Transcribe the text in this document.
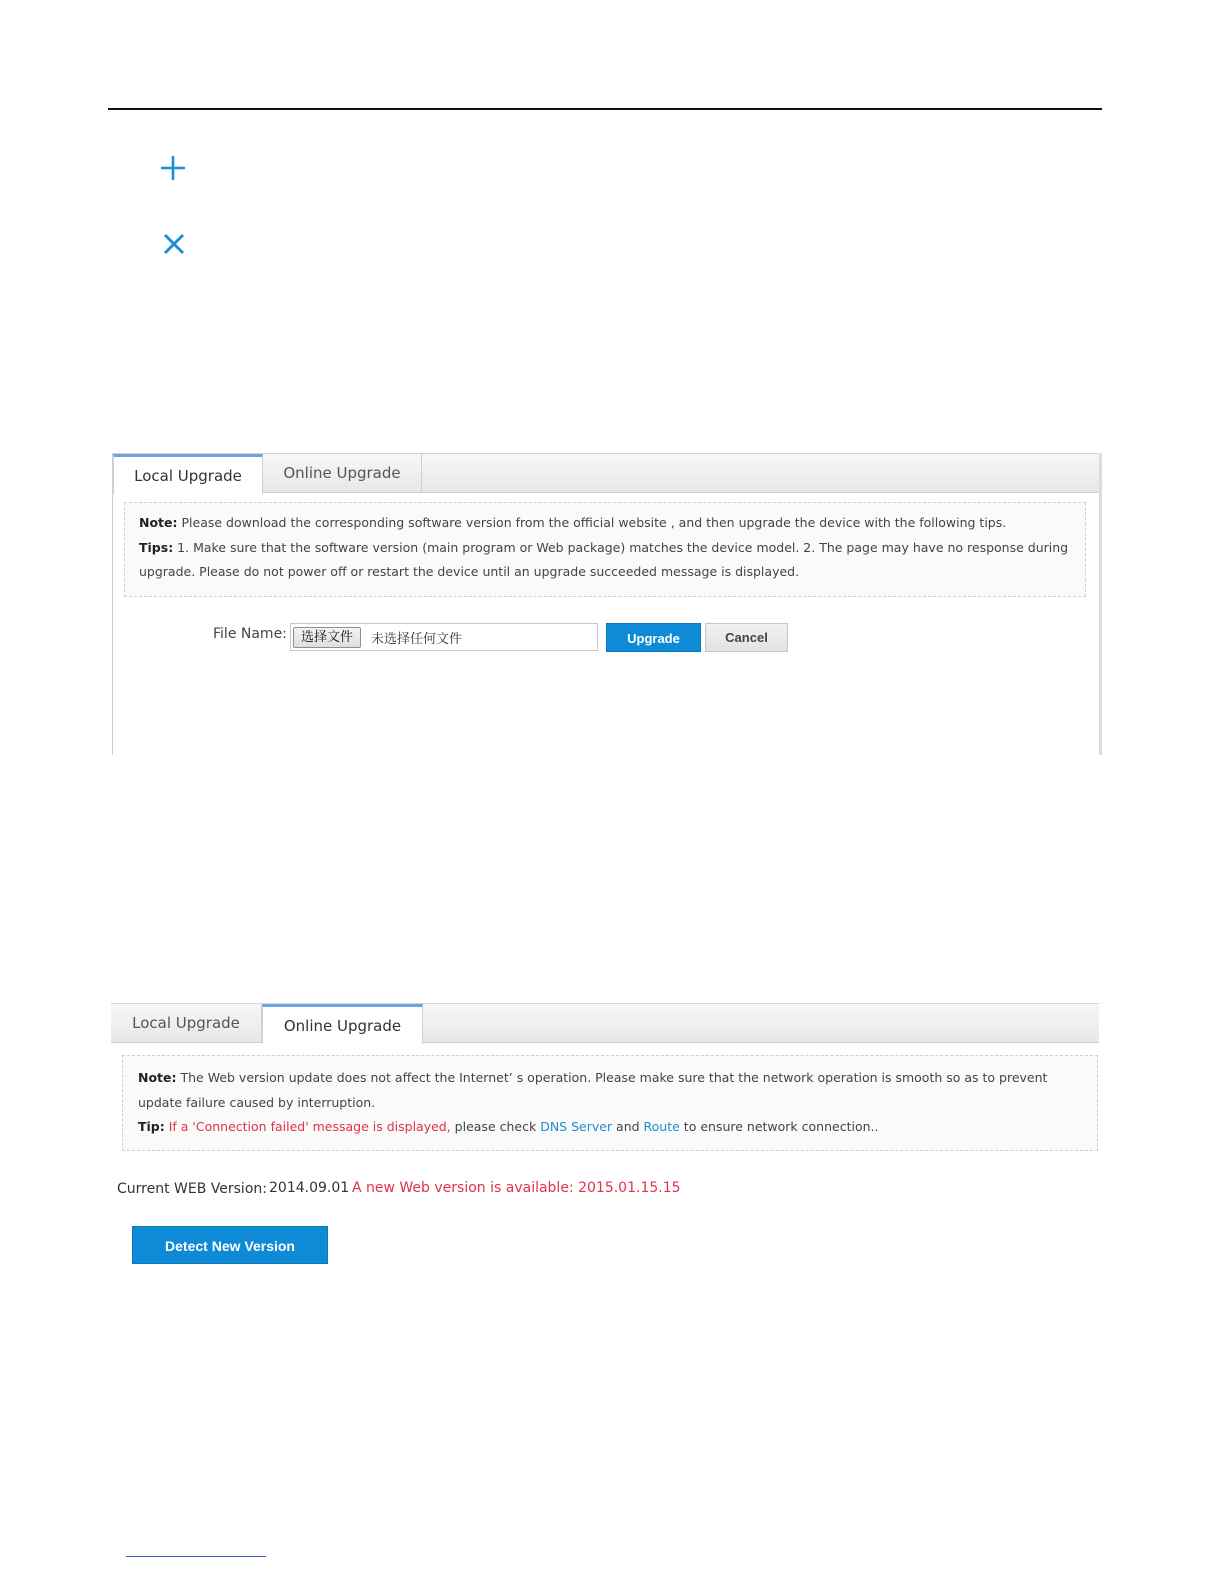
Local Upgrade	Online Upgrade
Note: Please download the corresponding software version from the official website , and then upgrade the device with the following tips.
Tips: 1. Make sure that the software version (main program or Web package) matches the device model. 2. The page may have no response during upgrade. Please do not power off or restart the device until an upgrade succeeded message is displayed.
File Name:	选择文件	未选择任何文件	Upgrade	Cancel
Local Upgrade	Online Upgrade
Note: The Web version update does not affect the Internet’ s operation. Please make sure that the network operation is smooth so as to prevent update failure caused by interruption.
Tip: If a 'Connection failed' message is displayed, please check DNS Server and Route to ensure network connection..
Current WEB Version: 2014.09.01 A new Web version is available: 2015.01.15.15
Detect New Version
